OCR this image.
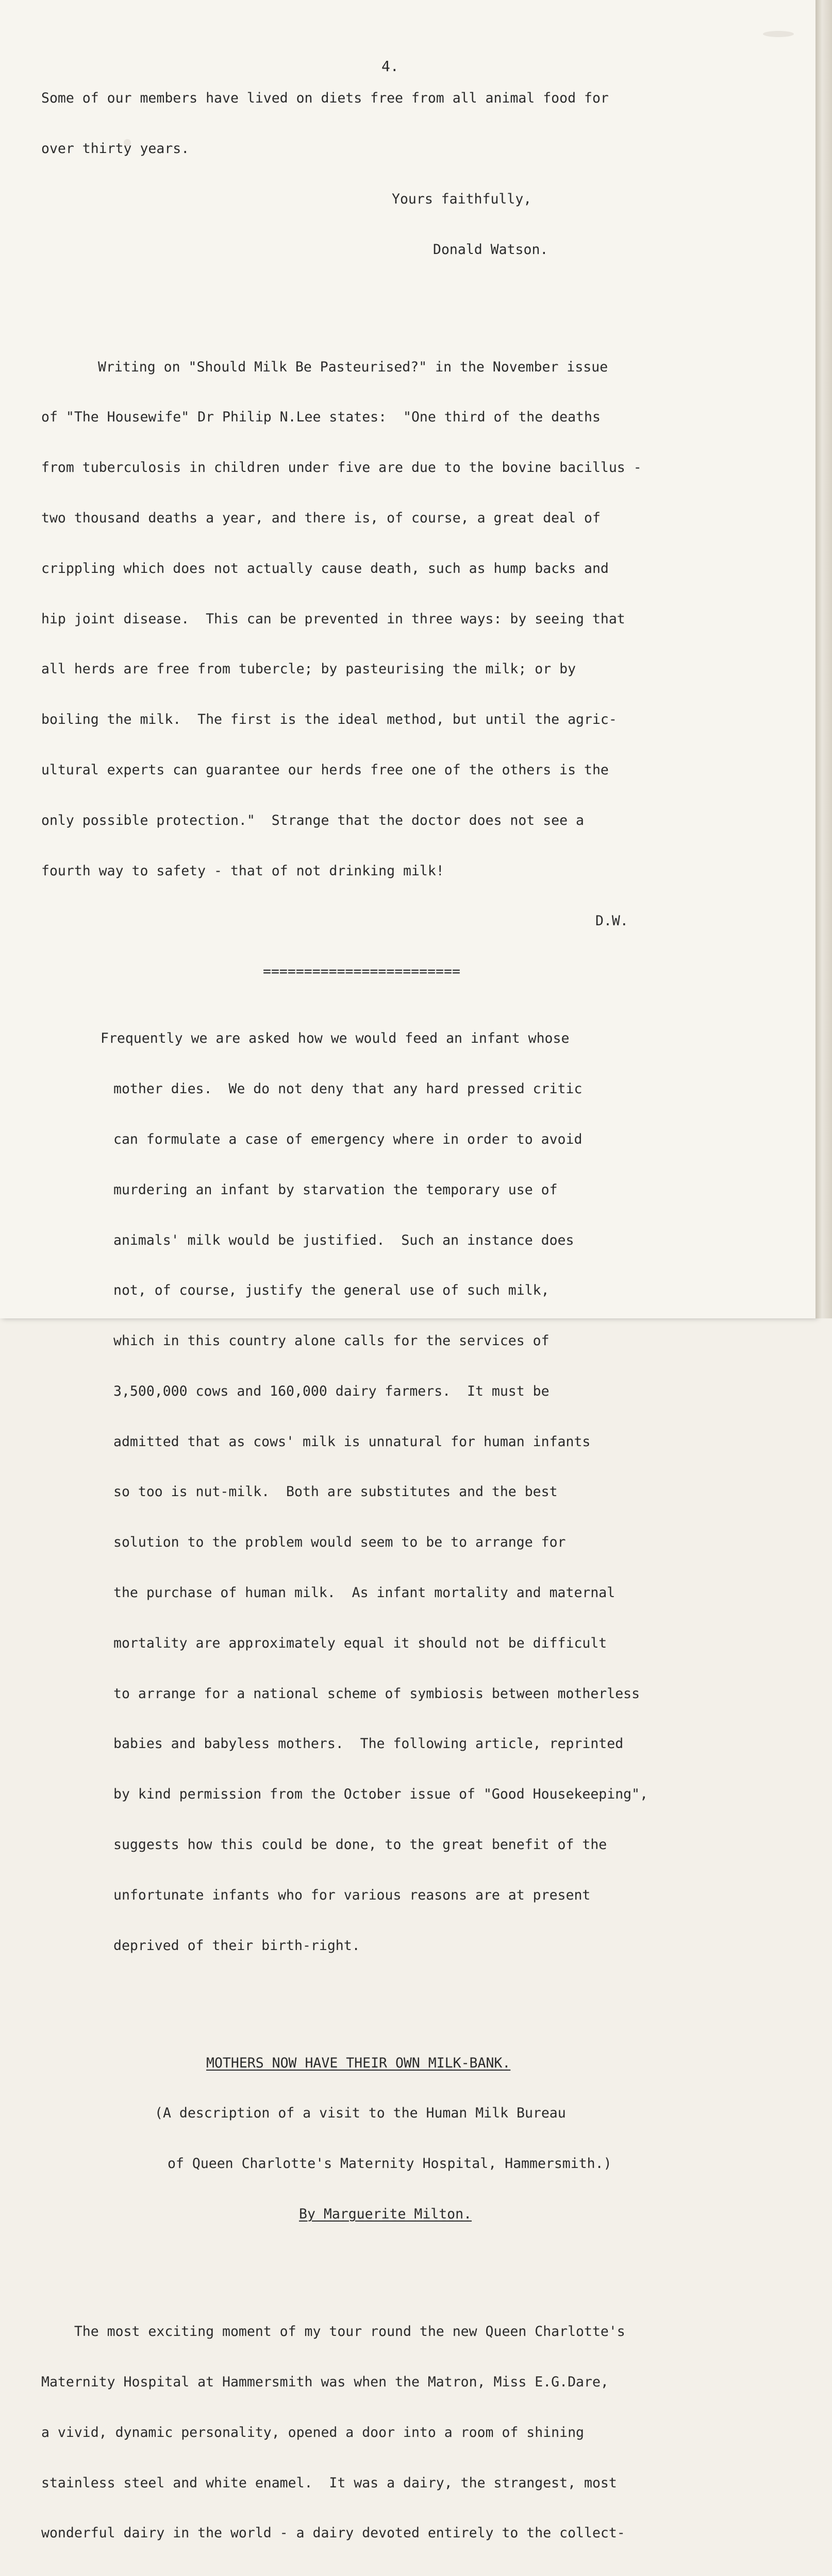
4.

Some of our members have lived on diets free from all animal food for

over thirty years.

Yours faithfully,

Donald Watson.

Writing on "Should Milk Be Pasteurised?" in the November issue

of "The Housewife" Dr Philip N.Lee states:  "One third of the deaths

from tuberculosis in children under five are due to the bovine bacillus -

two thousand deaths a year, and there is, of course, a great deal of

crippling which does not actually cause death, such as hump backs and

hip joint disease.  This can be prevented in three ways: by seeing that

all herds are free from tubercle; by pasteurising the milk; or by

boiling the milk.  The first is the ideal method, but until the agric-

ultural experts can guarantee our herds free one of the others is the

only possible protection."  Strange that the doctor does not see a

fourth way to safety - that of not drinking milk!

D.W.

========================

Frequently we are asked how we would feed an infant whose

mother dies.  We do not deny that any hard pressed critic

can formulate a case of emergency where in order to avoid

murdering an infant by starvation the temporary use of

animals' milk would be justified.  Such an instance does

not, of course, justify the general use of such milk,

which in this country alone calls for the services of

3,500,000 cows and 160,000 dairy farmers.  It must be

admitted that as cows' milk is unnatural for human infants

so too is nut-milk.  Both are substitutes and the best

solution to the problem would seem to be to arrange for

the purchase of human milk.  As infant mortality and maternal

mortality are approximately equal it should not be difficult

to arrange for a national scheme of symbiosis between motherless

babies and babyless mothers.  The following article, reprinted

by kind permission from the October issue of "Good Housekeeping",

suggests how this could be done, to the great benefit of the

unfortunate infants who for various reasons are at present

deprived of their birth-right.

MOTHERS NOW HAVE THEIR OWN MILK-BANK.

(A description of a visit to the Human Milk Bureau

of Queen Charlotte's Maternity Hospital, Hammersmith.)

By Marguerite Milton.

The most exciting moment of my tour round the new Queen Charlotte's

Maternity Hospital at Hammersmith was when the Matron, Miss E.G.Dare,

a vivid, dynamic personality, opened a door into a room of shining

stainless steel and white enamel.  It was a dairy, the strangest, most

wonderful dairy in the world - a dairy devoted entirely to the collect-
